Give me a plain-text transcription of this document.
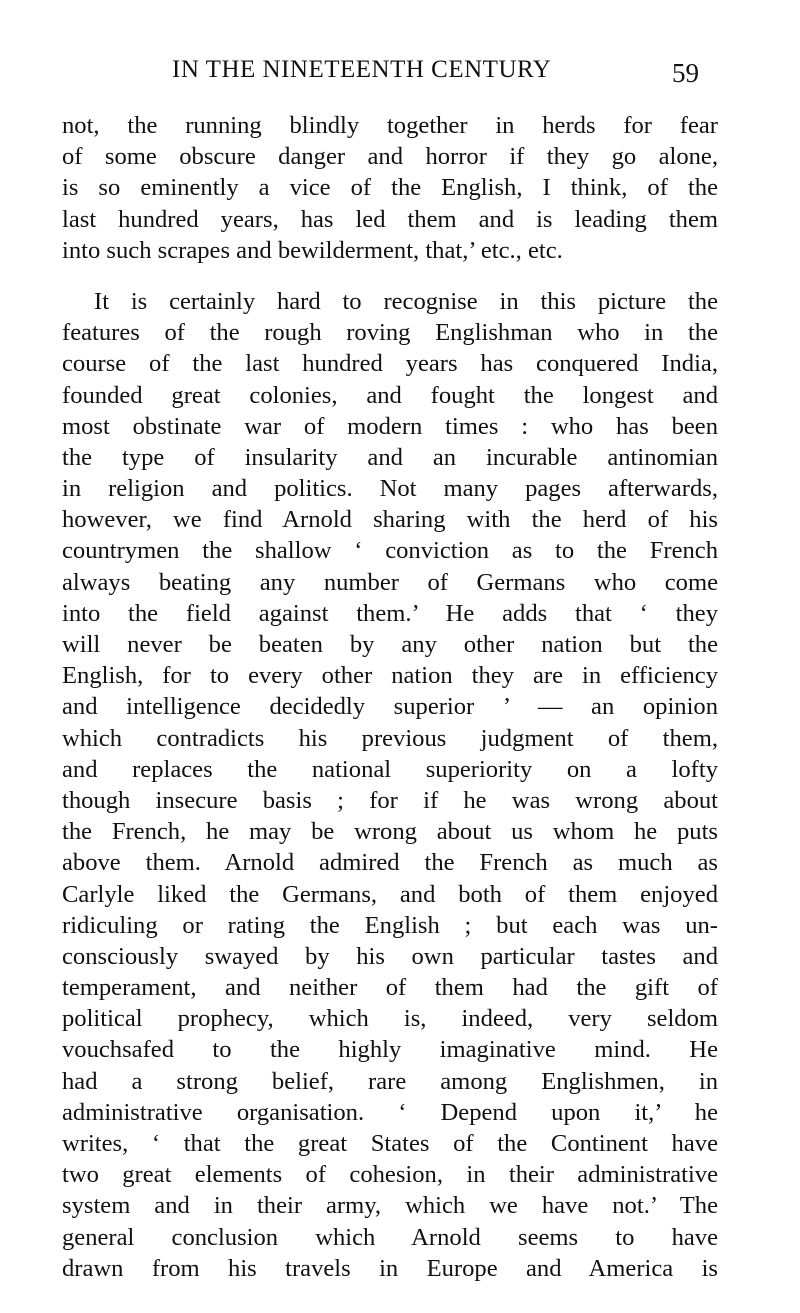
IN THE NINETEENTH CENTURY	59
not, the running blindly together in herds for fear
of some obscure danger and horror if they go alone,
is so eminently a vice of the English, I think, of the
last hundred years, has led them and is leading them
into such scrapes and bewilderment, that,’ etc., etc.
It is certainly hard to recognise in this picture the
features of the rough roving Englishman who in the
course of the last hundred years has conquered India,
founded great colonies, and fought the longest and
most obstinate war of modern times : who has been
the type of insularity and an incurable antinomian
in religion and politics. Not many pages afterwards,
however, we find Arnold sharing with the herd of his
countrymen the shallow ‘ conviction as to the French
always beating any number of Germans who come
into the field against them.’ He adds that ‘ they
will never be beaten by any other nation but the
English, for to every other nation they are in efficiency
and intelligence decidedly superior ’ — an opinion
which contradicts his previous judgment of them,
and replaces the national superiority on a lofty
though insecure basis ; for if he was wrong about
the French, he may be wrong about us whom he puts
above them. Arnold admired the French as much as
Carlyle liked the Germans, and both of them enjoyed
ridiculing or rating the English ; but each was un-
consciously swayed by his own particular tastes and
temperament, and neither of them had the gift of
political prophecy, which is, indeed, very seldom
vouchsafed to the highly imaginative mind. He
had a strong belief, rare among Englishmen, in
administrative organisation. ‘ Depend upon it,’ he
writes, ‘ that the great States of the Continent have
two great elements of cohesion, in their administrative
system and in their army, which we have not.’ The
general conclusion which Arnold seems to have
drawn from his travels in Europe and America is
